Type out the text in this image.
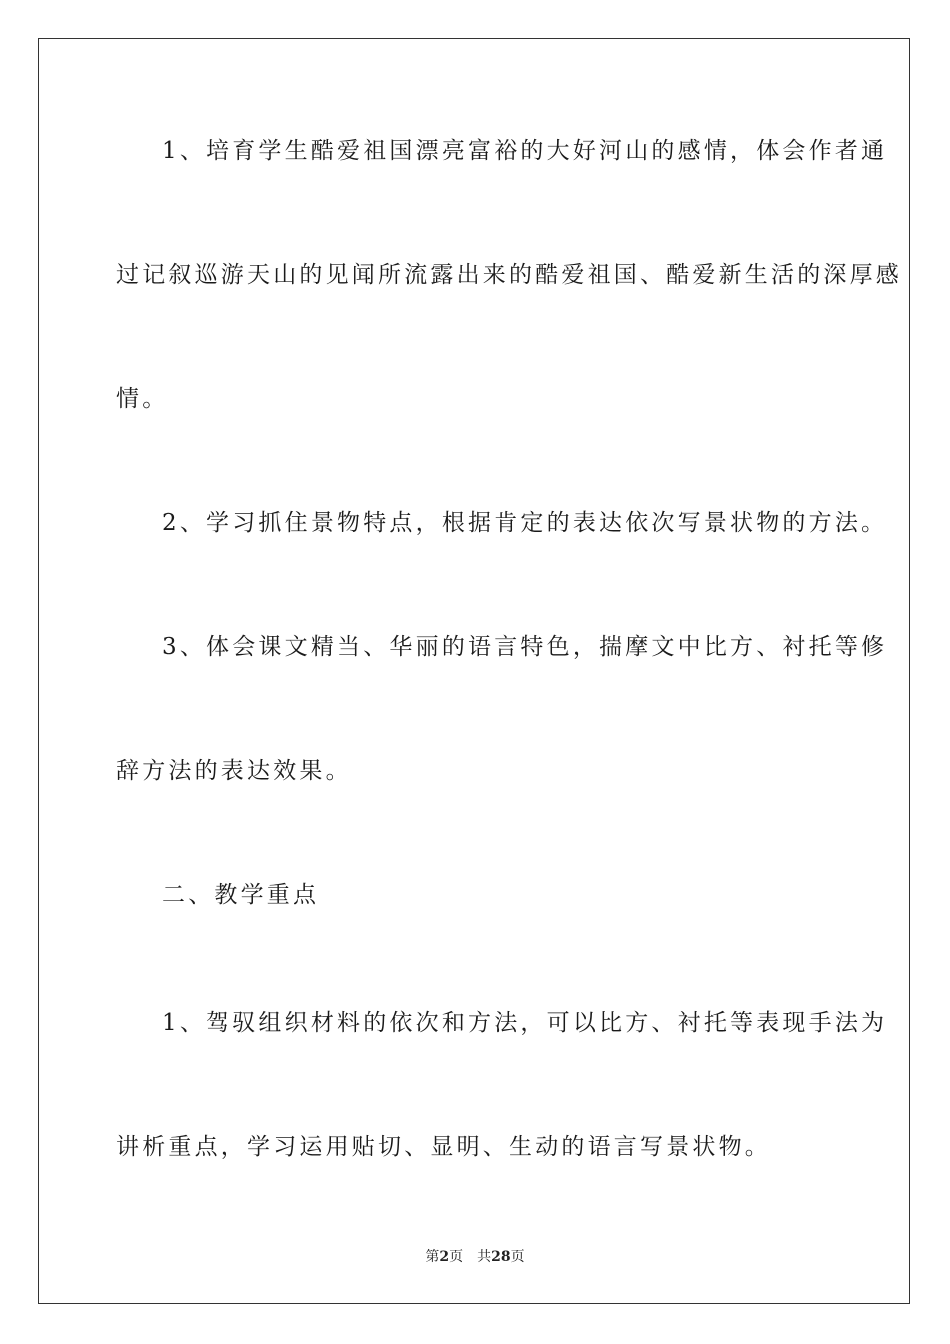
1、培育学生酷爱祖国漂亮富裕的大好河山的感情，体会作者通
过记叙巡游天山的见闻所流露出来的酷爱祖国、酷爱新生活的深厚感
情。
2、学习抓住景物特点，根据肯定的表达依次写景状物的方法。
3、体会课文精当、华丽的语言特色，揣摩文中比方、衬托等修
辞方法的表达效果。
二、教学重点
1、驾驭组织材料的依次和方法，可以比方、衬托等表现手法为
讲析重点，学习运用贴切、显明、生动的语言写景状物。
第2页 共28页
